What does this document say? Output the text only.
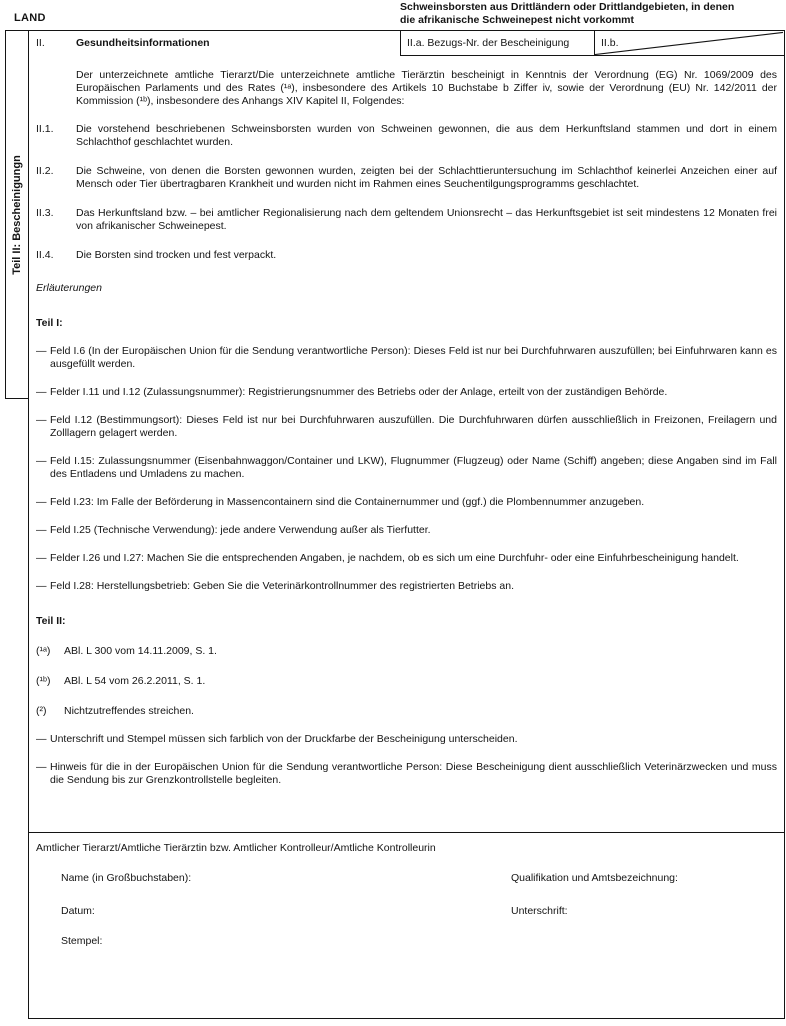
LAND
Schweinsborsten aus Drittländern oder Drittlandgebieten, in denen
die afrikanische Schweinepest nicht vorkommt
Teil II: Bescheinigungn
II.	Gesundheitsinformationen	II.a. Bezugs-Nr. der Bescheinigung	II.b.

Der unterzeichnete amtliche Tierarzt/Die unterzeichnete amtliche Tierärztin bescheinigt in Kenntnis der Verordnung (EG) Nr. 1069/2009 des Europäischen Parlaments und des Rates (¹ᵃ), insbesondere des Artikels 10 Buchstabe b Ziffer iv, sowie der Verordnung (EU) Nr. 142/2011 der Kommission (¹ᵇ), insbesondere des Anhangs XIV Kapitel II, Folgendes:

II.1.	Die vorstehend beschriebenen Schweinsborsten wurden von Schweinen gewonnen, die aus dem Herkunftsland stammen und dort in einem Schlachthof geschlachtet wurden.
II.2.	Die Schweine, von denen die Borsten gewonnen wurden, zeigten bei der Schlachttieruntersuchung im Schlachthof keinerlei Anzeichen einer auf Mensch oder Tier übertragbaren Krankheit und wurden nicht im Rahmen eines Seuchentilgungsprogramms geschlachtet.
II.3.	Das Herkunftsland bzw. – bei amtlicher Regionalisierung nach dem geltendem Unionsrecht – das Herkunftsgebiet ist seit mindestens 12 Monaten frei von afrikanischer Schweinepest.
II.4.	Die Borsten sind trocken und fest verpackt.

Erläuterungen

Teil I:

— Feld I.6 (In der Europäischen Union für die Sendung verantwortliche Person): Dieses Feld ist nur bei Durchfuhrwaren auszufüllen; bei Einfuhrwaren kann es ausgefüllt werden.
— Felder I.11 und I.12 (Zulassungsnummer): Registrierungsnummer des Betriebs oder der Anlage, erteilt von der zuständigen Behörde.
— Feld I.12 (Bestimmungsort): Dieses Feld ist nur bei Durchfuhrwaren auszufüllen. Die Durchfuhrwaren dürfen ausschließlich in Freizonen, Freilagern und Zolllagern gelagert werden.
— Feld I.15: Zulassungsnummer (Eisenbahnwaggon/Container und LKW), Flugnummer (Flugzeug) oder Name (Schiff) angeben; diese Angaben sind im Fall des Entladens und Umladens zu machen.
— Feld I.23: Im Falle der Beförderung in Massencontainern sind die Containernummer und (ggf.) die Plombennummer anzugeben.
— Feld I.25 (Technische Verwendung): jede andere Verwendung außer als Tierfutter.
— Felder I.26 und I.27: Machen Sie die entsprechenden Angaben, je nachdem, ob es sich um eine Durchfuhr- oder eine Einfuhrbescheinigung handelt.
— Feld I.28: Herstellungsbetrieb: Geben Sie die Veterinärkontrollnummer des registrierten Betriebs an.

Teil II:

(¹ᵃ)	ABl. L 300 vom 14.11.2009, S. 1.
(¹ᵇ)	ABl. L 54 vom 26.2.2011, S. 1.
(²)	Nichtzutreffendes streichen.
— Unterschrift und Stempel müssen sich farblich von der Druckfarbe der Bescheinigung unterscheiden.
— Hinweis für die in der Europäischen Union für die Sendung verantwortliche Person: Diese Bescheinigung dient ausschließlich Veterinärzwecken und muss die Sendung bis zur Grenzkontrollstelle begleiten.
Amtlicher Tierarzt/Amtliche Tierärztin bzw. Amtlicher Kontrolleur/Amtliche Kontrolleurin
Name (in Großbuchstaben):	Qualifikation und Amtsbezeichnung:
Datum:	Unterschrift:
Stempel:
